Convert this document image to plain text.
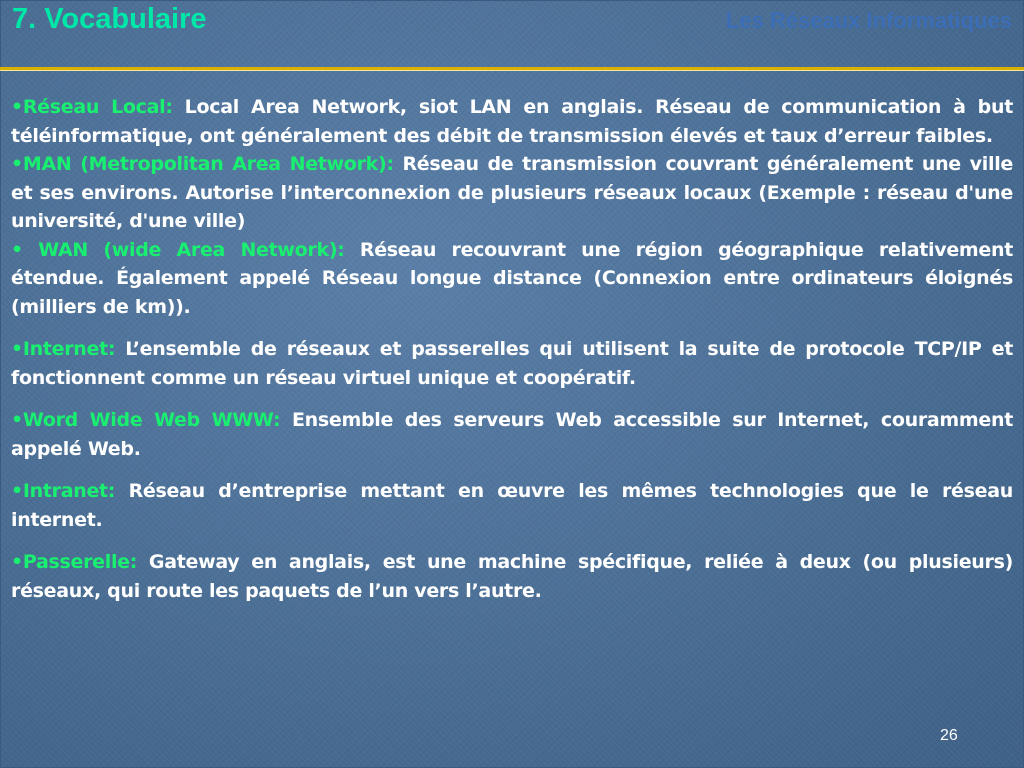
7. Vocabulaire	Les Réseaux Informatiques

•Réseau Local: Local Area Network, siot LAN en anglais. Réseau de communication à but téléinformatique, ont généralement des débit de transmission élevés et taux d’erreur faibles.

•MAN (Metropolitan Area Network): Réseau de transmission couvrant généralement une ville et ses environs. Autorise l’interconnexion de plusieurs réseaux locaux (Exemple : réseau d'une université, d'une ville)

• WAN (wide Area Network): Réseau recouvrant une région géographique relativement étendue. Également appelé Réseau longue distance (Connexion entre ordinateurs éloignés (milliers de km)).

•Internet: L’ensemble de réseaux et passerelles qui utilisent la suite de protocole TCP/IP et fonctionnent comme un réseau virtuel unique et coopératif.

•Word Wide Web WWW: Ensemble des serveurs Web accessible sur Internet, couramment appelé Web.

•Intranet: Réseau d’entreprise mettant en œuvre les mêmes technologies que le réseau internet.

•Passerelle: Gateway en anglais, est une machine spécifique, reliée à deux (ou plusieurs) réseaux, qui route les paquets de l’un vers l’autre.

26
